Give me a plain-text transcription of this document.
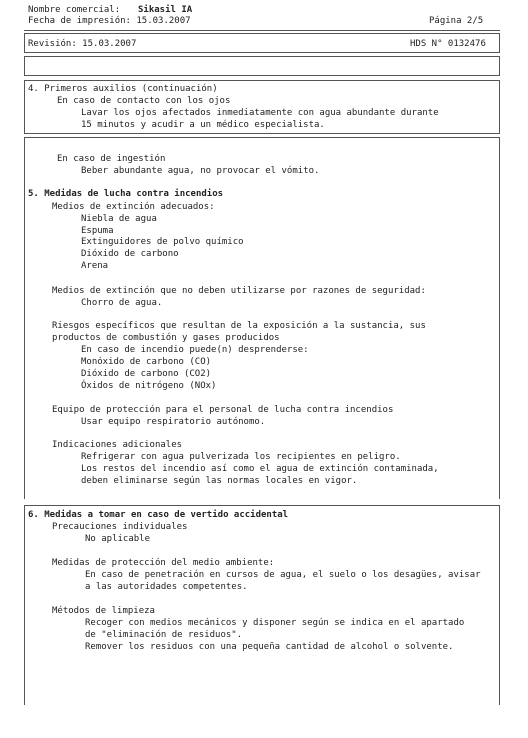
Nombre comercial: Sikasil IA
Fecha de impresión: 15.03.2007	Página 2/5
Revisión: 15.03.2007	HDS N° 0132476
4. Primeros auxilios (continuación)
En caso de contacto con los ojos
Lavar los ojos afectados inmediatamente con agua abundante durante
15 minutos y acudir a un médico especialista.
En caso de ingestión
Beber abundante agua, no provocar el vómito.
5. Medidas de lucha contra incendios
Medios de extinción adecuados:
Niebla de agua
Espuma
Extinguidores de polvo químico
Dióxido de carbono
Arena
Medios de extinción que no deben utilizarse por razones de seguridad:
Chorro de agua.
Riesgos específicos que resultan de la exposición a la sustancia, sus
productos de combustión y gases producidos
En caso de incendio puede(n) desprenderse:
Monóxido de carbono (CO)
Dióxido de carbono (CO2)
Óxidos de nitrógeno (NOx)
Equipo de protección para el personal de lucha contra incendios
Usar equipo respiratorio autónomo.
Indicaciones adicionales
Refrigerar con agua pulverizada los recipientes en peligro.
Los restos del incendio así como el agua de extinción contaminada,
deben eliminarse según las normas locales en vigor.
6. Medidas a tomar en caso de vertido accidental
Precauciones individuales
No aplicable
Medidas de protección del medio ambiente:
En caso de penetración en cursos de agua, el suelo o los desagües, avisar
a las autoridades competentes.
Métodos de limpieza
Recoger con medios mecánicos y disponer según se indica en el apartado
de "eliminación de residuos".
Remover los residuos con una pequeña cantidad de alcohol o solvente.
